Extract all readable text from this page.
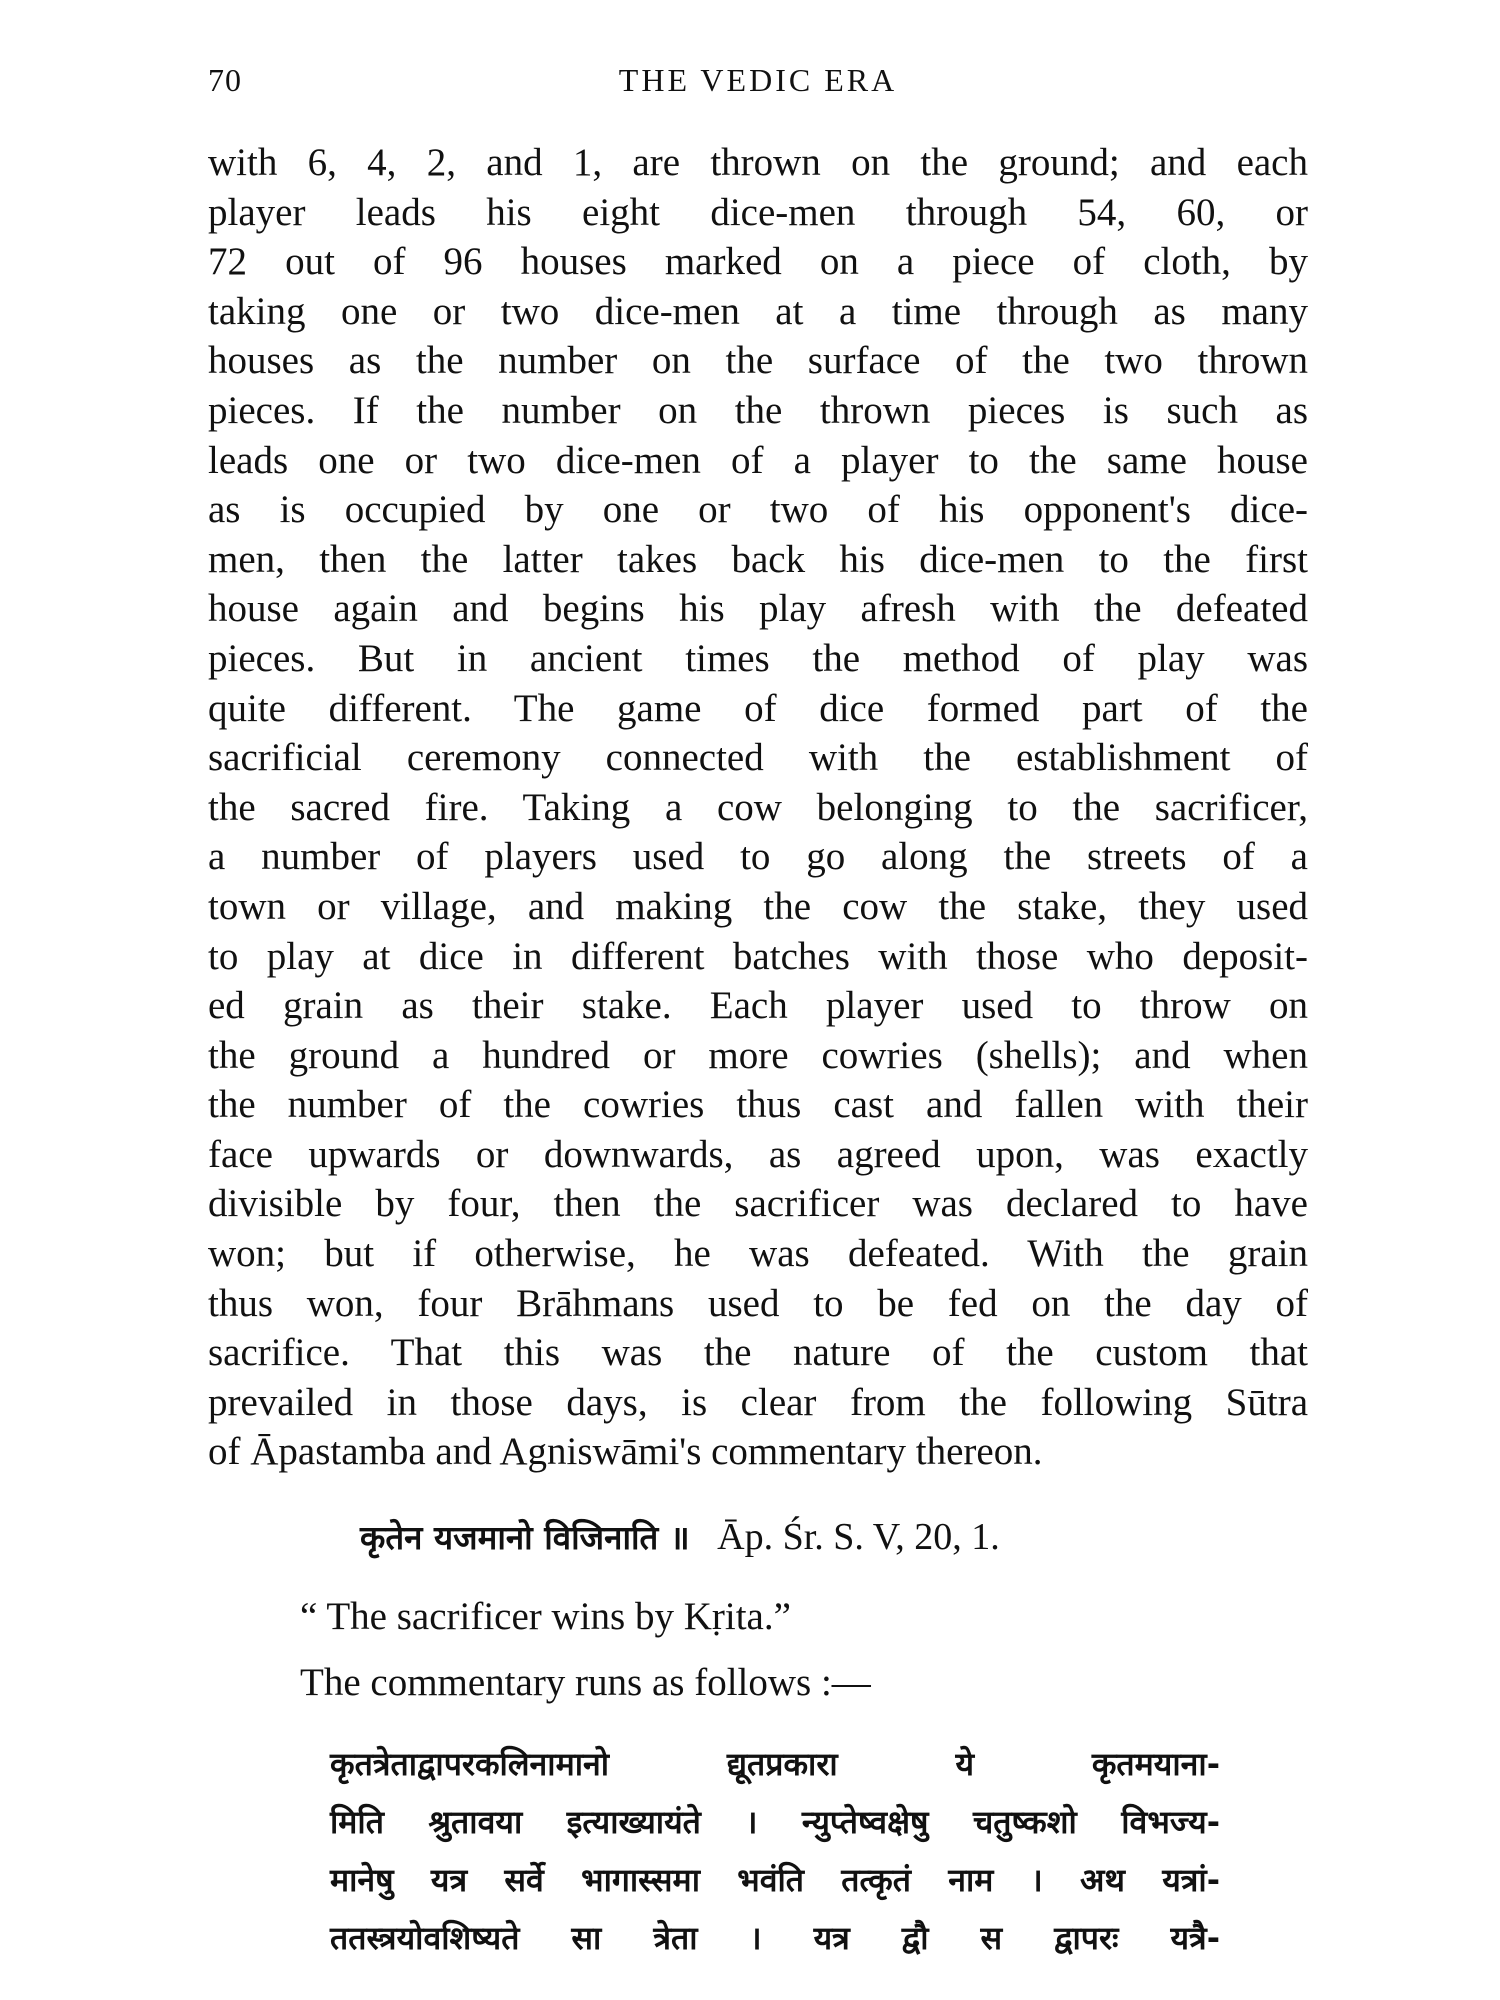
70	THE VEDIC ERA
with 6, 4, 2, and 1, are thrown on the ground; and each
player leads his eight dice-men through 54, 60, or
72 out of 96 houses marked on a piece of cloth, by
taking one or two dice-men at a time through as many
houses as the number on the surface of the two thrown
pieces. If the number on the thrown pieces is such as
leads one or two dice-men of a player to the same house
as is occupied by one or two of his opponent's dice-
men, then the latter takes back his dice-men to the first
house again and begins his play afresh with the defeated
pieces. But in ancient times the method of play was
quite different. The game of dice formed part of the
sacrificial ceremony connected with the establishment of
the sacred fire. Taking a cow belonging to the sacrificer,
a number of players used to go along the streets of a
town or village, and making the cow the stake, they used
to play at dice in different batches with those who deposit-
ed grain as their stake. Each player used to throw on
the ground a hundred or more cowries (shells); and when
the number of the cowries thus cast and fallen with their
face upwards or downwards, as agreed upon, was exactly
divisible by four, then the sacrificer was declared to have
won; but if otherwise, he was defeated. With the grain
thus won, four Brāhmans used to be fed on the day of
sacrifice. That this was the nature of the custom that
prevailed in those days, is clear from the following Sūtra
of Āpastamba and Agniswāmi's commentary thereon.
कृतेन यजमानो विजिनाति ॥ Āp. Śr. S. V, 20, 1.
“ The sacrificer wins by Kṛita.”
The commentary runs as follows :—
कृतत्रेताद्वापरकलिनामानो द्यूतप्रकारा ये कृतमयाना-
मिति श्रुतावया इत्याख्यायंते । न्युप्तेष्वक्षेषु चतुष्कशो विभज्य-
मानेषु यत्र सर्वे भागास्समा भवंति तत्कृतं नाम । अथ यत्रां-
ततस्त्रयोवशिष्यते सा त्रेता । यत्र द्वौ स द्वापरः यत्रै-
